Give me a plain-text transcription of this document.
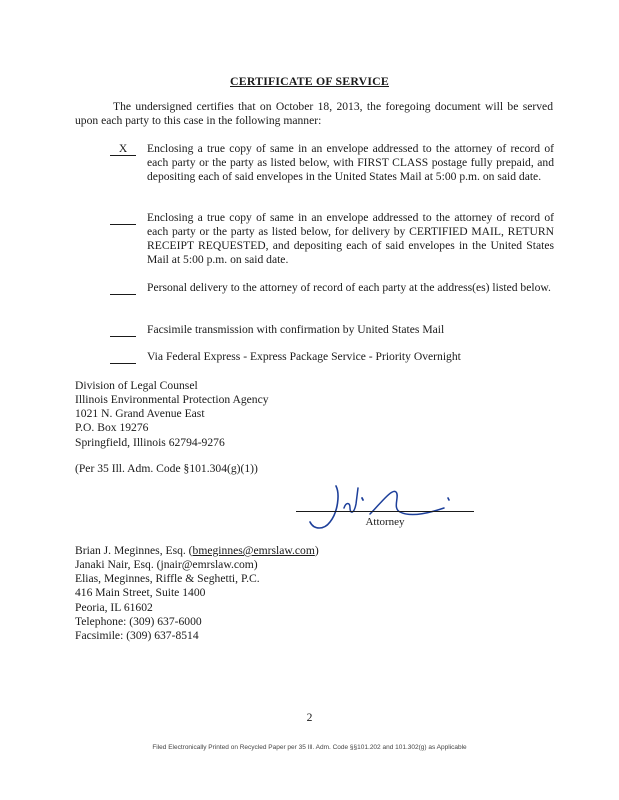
CERTIFICATE OF SERVICE
The undersigned certifies that on October 18, 2013, the foregoing document will be served upon each party to this case in the following manner:
X	Enclosing a true copy of same in an envelope addressed to the attorney of record of each party or the party as listed below, with FIRST CLASS postage fully prepaid, and depositing each of said envelopes in the United States Mail at 5:00 p.m. on said date.
Enclosing a true copy of same in an envelope addressed to the attorney of record of each party or the party as listed below, for delivery by CERTIFIED MAIL, RETURN RECEIPT REQUESTED, and depositing each of said envelopes in the United States Mail at 5:00 p.m. on said date.
Personal delivery to the attorney of record of each party at the address(es) listed below.
Facsimile transmission with confirmation by United States Mail
Via Federal Express - Express Package Service - Priority Overnight
Division of Legal Counsel
Illinois Environmental Protection Agency
1021 N. Grand Avenue East
P.O. Box 19276
Springfield, Illinois 62794-9276
(Per 35 Ill. Adm. Code §101.304(g)(1))
Attorney
Brian J. Meginnes, Esq. (bmeginnes@emrslaw.com)
Janaki Nair, Esq. (jnair@emrslaw.com)
Elias, Meginnes, Riffle & Seghetti, P.C.
416 Main Street, Suite 1400
Peoria, IL 61602
Telephone: (309) 637-6000
Facsimile: (309) 637-8514
2
Filed Electronically Printed on Recycled Paper per 35 Ill. Adm. Code §§101.202 and 101.302(g) as Applicable
